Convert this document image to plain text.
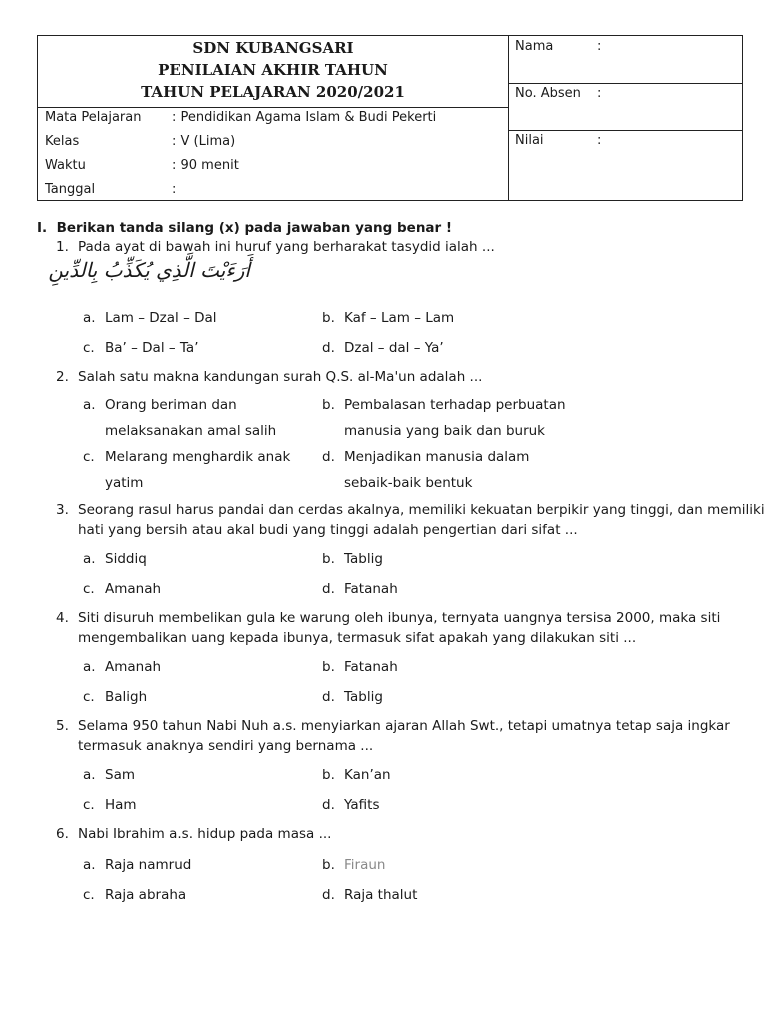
SDN KUBANGSARI
PENILAIAN AKHIR TAHUN
TAHUN PELAJARAN 2020/2021
Mata Pelajaran : Pendidikan Agama Islam & Budi Pekerti
Kelas	: V (Lima)
Waktu	: 90 menit
Tanggal	:
Nama	:
No. Absen :
Nilai	:
I. Berikan tanda silang (x) pada jawaban yang benar !
1. Pada ayat di bawah ini huruf yang berharakat tasydid ialah ...
أَرَءَيْتَ الَّذِي يُكَذِّبُ بِالدِّينِ
a. Lam – Dzal – Dal	b. Kaf – Lam – Lam
c. Ba’ – Dal – Ta’	d. Dzal – dal – Ya’
2. Salah satu makna kandungan surah Q.S. al-Ma'un adalah ...
a. Orang beriman dan
melaksanakan amal salih
b. Pembalasan terhadap perbuatan
manusia yang baik dan buruk
c. Melarang menghardik anak
yatim
d. Menjadikan manusia dalam
sebaik-baik bentuk
3. Seorang rasul harus pandai dan cerdas akalnya, memiliki kekuatan berpikir yang tinggi, dan memiliki
hati yang bersih atau akal budi yang tinggi adalah pengertian dari sifat ...
a. Siddiq	b. Tablig
c. Amanah	d. Fatanah
4. Siti disuruh membelikan gula ke warung oleh ibunya, ternyata uangnya tersisa 2000, maka siti
mengembalikan uang kepada ibunya, termasuk sifat apakah yang dilakukan siti ...
a. Amanah	b. Fatanah
c. Baligh	d. Tablig
5. Selama 950 tahun Nabi Nuh a.s. menyiarkan ajaran Allah Swt., tetapi umatnya tetap saja ingkar
termasuk anaknya sendiri yang bernama ...
a. Sam	b. Kan’an
c. Ham	d. Yafits
6. Nabi Ibrahim a.s. hidup pada masa ...
a. Raja namrud	b. Firaun
c. Raja abraha	d. Raja thalut
